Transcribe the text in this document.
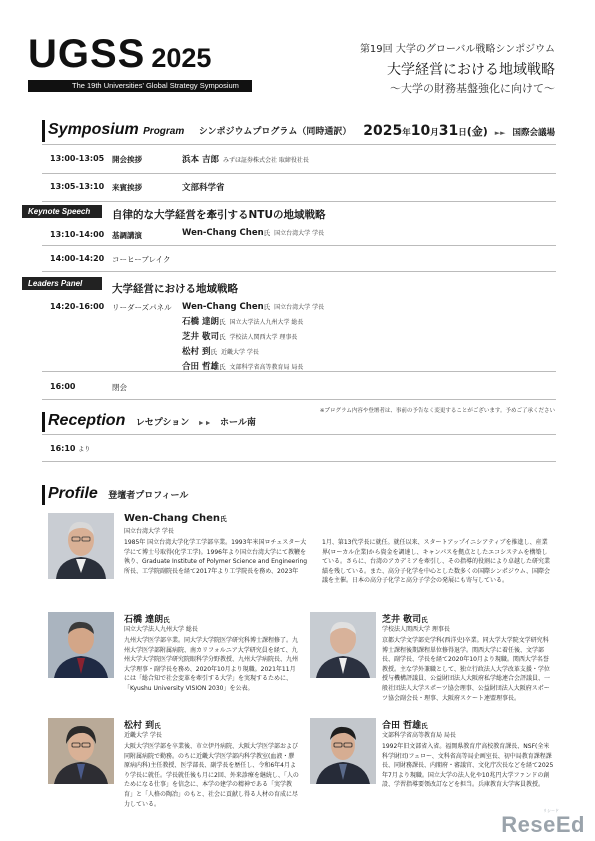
UGSS 2025
The 19th Universities' Global Strategy Symposium
第19回 大学のグローバル戦略シンポジウム
大学経営における地域戦略
〜大学の財務基盤強化に向けて〜
Symposium Program シンポジウムプログラム（同時通訳） 2025年10月31日(金) ►► 国際会議場
13:00-13:05 開会挨拶	浜本 吉郎 みずほ証券株式会社 取締役社長
13:05-13:10 来賓挨拶	文部科学省
Keynote Speech	自律的な大学経営を牽引するNTUの地域戦略
13:10-14:00 基調講演	Wen-Chang Chen氏 国立台湾大学 学長
14:00-14:20 コーヒーブレイク
Leaders Panel	大学経営における地域戦略
14:20-16:00 リーダーズパネル Wen-Chang Chen氏 国立台湾大学 学長
石橋 達朗氏 国立大学法人九州大学 総長
芝井 敬司氏 学校法人関西大学 理事長
松村 到氏 近畿大学 学長
合田 哲雄氏 文部科学省高等教育局 局長
16:00	閉会
※プログラム内容や登壇者は、事前の予告なく変更することがございます。予めご了承ください
Reception レセプション ►► ホール南
16:10 より
Profile 登壇者プロフィール
Wen-Chang Chen氏
国立台湾大学 学長
1985年 国立台湾大学化学工学部卒業。1993年米国ロチェスター大学にて博士号取得(化学工学)。1996年より国立台湾大学にて教鞭を執り、Graduate Institute of Polymer Science and Engineering所長、工学院副院長を経て2017年より工学院長を務め、2023年
1月、第13代学長に就任。就任以来、スタートアップイニシアティブを推進し、産業界(ローカル企業)から資金を調達し、キャンパスを拠点としたエコシステムを構築している。さらに、台湾のアカデミアを牽引し、その指導的役割により卓越した研究業績を残している。また、高分子化学を中心とした数多くの国際シンポジウム、国際会議を主催。日本の高分子化学と高分子学会の発展にも寄与している。
石橋 達朗氏
国立大学法人九州大学 総長
九州大学医学部卒業。同大学大学院医学研究科博士課程修了。九州大学医学部附属病院、南カリフォルニア大学研究員を経て、九州大学大学院医学研究院眼科学分野教授、九州大学病院長、九州大学理事・副学長を務め、2020年10月より現職。2021年11月には「総合知で社会変革を牽引する大学」を実現するために、「Kyushu University VISION 2030」を公表。
芝井 敬司氏
学校法人関西大学 理事長
京都大学文学部史学科(西洋史)卒業。同大学大学院文学研究科博士課程後期課程単位修得退学。関西大学に着任後、文学部長、副学長、学長を経て2020年10月より現職。関西大学名誉教授。主な学外兼職として、独立行政法人大学改革支援・学位授与機構評議員、公益財団法人大阪府私学総連合会評議員、一般社団法人大学スポーツ協会理事、公益財団法人大阪府スポーツ協会副会長・理事、大阪府スケート連盟理事長。
松村 到氏
近畿大学 学長
大阪大学医学部を卒業後、市立伊丹病院、大阪大学医学部および同附属病院で勤務。のちに近畿大学医学部内科学教室(血液・膠原病内科)主任教授、医学部長、副学長を歴任し、令和6年4月より学長に就任。学長就任後も月に2回、外来診療を継続し、「人のためになる仕事」を信念に、本学の建学の精神である「実学教育」と「人格の陶冶」のもと、社会に貢献し得る人材の育成に尽力している。
合田 哲雄氏
文部科学省高等教育局 局長
1992年旧文部省入省。福岡県教育庁高校教育課長、NSF(全米科学財団)フェロー、文科省高等局企画室長、初中局教育課程課長、同財務課長、内閣府・審議官、文化庁次長などを経て2025年7月より現職。国立大学の法人化や10兆円大学ファンドの創設、学習指導要領改訂などを担当。兵庫教育大学客員教授。
リシード
ReseEd
